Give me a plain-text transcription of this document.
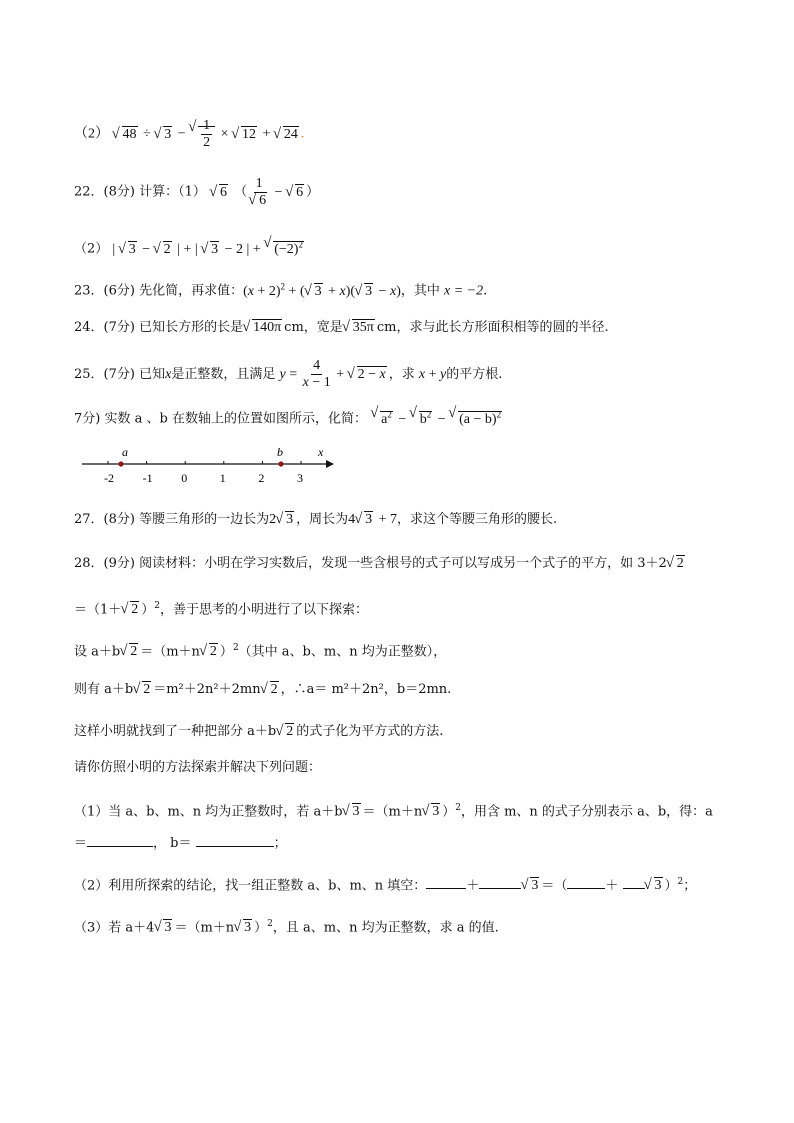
（2） √ 48 ÷ √ 3 − √ $\frac{1}{2}$ × √ 12 + √ 24 .
22．(8分) 计算：（1） √ 6 （ 1
√ 6 − √ 6 ）
（2） | √ 3 − √ 2 | + | √ 3 − 2 | + √ $(-2)^2$
23．(6分) 先化简，再求值：$(x + 2)^2$ + ( √ 3 + x)( √ 3 − x)，其中 x = −2.
24．(7分) 已知长方形的长是 √ 140π cm，宽是 √ 35π cm，求与此长方形面积相等的圆的半径.
25．(7分) 已知x是正整数，且满足 $y = \frac{4}{x - 1}$ + √ 2 − x ，求 x + y的平方根.
7分) 实数 a 、b 在数轴上的位置如图所示，化简： √ $a^2$ − √ $b^2$ − √ $(a - b)^2$
-2 -1 0	1	2	3
x
a	b
27．(8分) 等腰三角形的一边长为2 √ 3 ，周长为4 √ 3 + 7，求这个等腰三角形的腰长.
28．(9分) 阅读材料：小明在学习实数后，发现一些含根号的式子可以写成另一个式子的平方，如 3＋2 √ 2
＝（1＋ √ 2 ）$^2$，善于思考的小明进行了以下探索：
设 a＋b √ 2 ＝（m＋n √ 2 ）$^2$（其中 a、b、m、n 均为正整数），
则有 a＋b √ 2 ＝m²＋2n²＋2mn √ 2 ，∴a＝ m²＋2n²，b＝2mn.
这样小明就找到了一种把部分 a＋b √ 2 的式子化为平方式的方法.
请你仿照小明的方法探索并解决下列问题：
（1）当 a、b、m、n 均为正整数时，若 a＋b √ 3 ＝（m＋n √ 3 ）$^2$，用含 m、n 的式子分别表示 a、b，得：a
＝	， b＝	；
（2）利用所探索的结论，找一组正整数 a、b、m、n 填空：	＋	√ 3 ＝（	＋	√ 3 ）$^2$；
（3）若 a＋4 √ 3 ＝（m＋n √ 3 ）$^2$，且 a、m、n 均为正整数，求 a 的值.
